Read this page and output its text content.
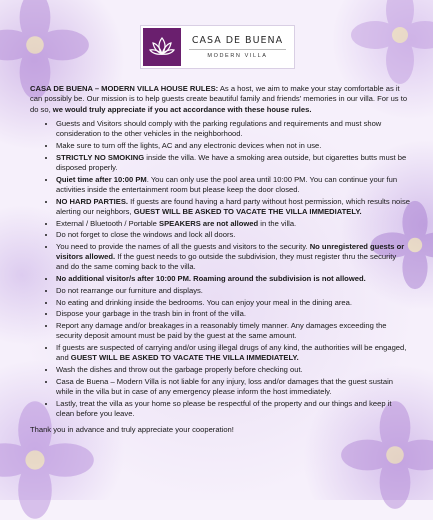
CASA DE BUENA
MODERN VILLA

CASA DE BUENA – MODERN VILLA HOUSE RULES: As a host, we aim to make your stay comfortable as it can possibly be. Our mission is to help guests create beautiful family and friends’ memories in our villa. For us to do so, we would truly appreciate if you act accordance with these house rules.

• Guests and Visitors should comply with the parking regulations and requirements and must show consideration to the other vehicles in the neighborhood.
• Make sure to turn off the lights, AC and any electronic devices when not in use.
• STRICTLY NO SMOKING inside the villa. We have a smoking area outside, but cigarettes butts must be disposed properly.
• Quiet time after 10:00 PM. You can only use the pool area until 10:00 PM. You can continue your fun activities inside the entertainment room but please keep the door closed.
• NO HARD PARTIES. If guests are found having a hard party without host permission, which results noise alerting our neighbors, GUEST WILL BE ASKED TO VACATE THE VILLA IMMEDIATELY.
• External / Bluetooth / Portable SPEAKERS are not allowed in the villa.
• Do not forget to close the windows and lock all doors.
• You need to provide the names of all the guests and visitors to the security. No unregistered guests or visitors allowed. If the guest needs to go outside the subdivision, they must register thru the security and do the same coming back to the villa.
• No additional visitor/s after 10:00 PM. Roaming around the subdivision is not allowed.
• Do not rearrange our furniture and displays.
• No eating and drinking inside the bedrooms. You can enjoy your meal in the dining area.
• Dispose your garbage in the trash bin in front of the villa.
• Report any damage and/or breakages in a reasonably timely manner. Any damages exceeding the security deposit amount must be paid by the guest at the same amount.
• If guests are suspected of carrying and/or using illegal drugs of any kind, the authorities will be engaged, and GUEST WILL BE ASKED TO VACATE THE VILLA IMMEDIATELY.
• Wash the dishes and throw out the garbage properly before checking out.
• Casa de Buena – Modern Villa is not liable for any injury, loss and/or damages that the guest sustain while in the villa but in case of any emergency please inform the host immediately.
• Lastly, treat the villa as your home so please be respectful of the property and our things and keep it clean before you leave.

Thank you in advance and truly appreciate your cooperation!
